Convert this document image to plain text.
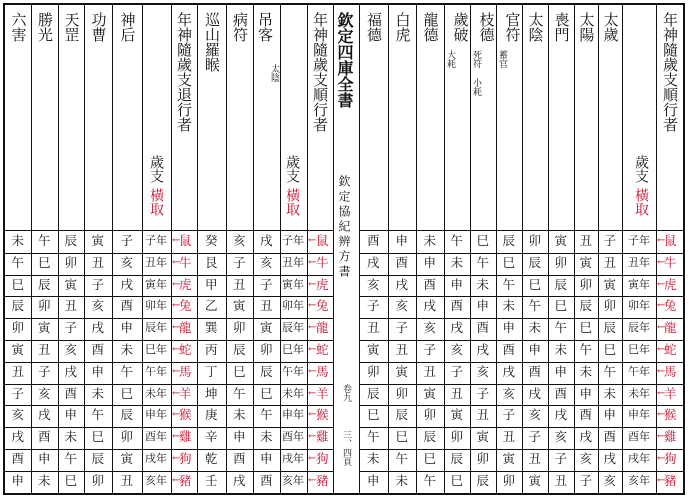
年神隨歲支順行者
歲支
橫取
太歲
太陽
喪門
太陰
官符
蓄官
枝德
死符 小耗
歲破
大耗
龍德
白虎
福德
子年 鼠
←
子
丑
寅
卯
辰
巳
午
未
申
酉
丑年 牛
←
丑
寅
卯
辰
巳
午
未
申
酉
戌
寅年 虎
←
寅
卯
辰
巳
午
未
申
酉
戌
亥
卯年 兔
←
卯
辰
巳
午
未
申
酉
戌
亥
子
辰年 龍
←
辰
巳
午
未
申
酉
戌
亥
子
丑
巳年 蛇
←
巳
午
未
申
酉
戌
亥
子
丑
寅
午年 馬
←
午
未
申
酉
戌
亥
子
丑
寅
卯
未年 羊
←
未
申
酉
戌
亥
子
丑
寅
卯
辰
申年 猴
←
申
酉
戌
亥
子
丑
寅
卯
辰
巳
酉年 雞
←
酉
戌
亥
子
丑
寅
卯
辰
巳
午
戌年 狗
←
戌
亥
子
丑
寅
卯
辰
巳
午
未
亥年 豬
←
亥
子
丑
寅
卯
辰
巳
午
未
申
欽定四庫全書
欽定協紀辨方書
卷九
三、四頁
年神隨歲支順行者
歲支
橫取
吊客
太陰
病符
巡山羅睺
年神隨歲支退行者
歲支
橫取
神后
功曹
天罡
勝光
六害
鼠
←
子年
戌
亥
癸
鼠
←
子年
子
寅
辰
午
未
牛
←
丑年
亥
子
艮
牛
←
丑年
亥
丑
卯
巳
午
虎
←
寅年
子
丑
甲
虎
←
寅年
戌
子
寅
辰
巳
兔
←
卯年
丑
寅
乙
兔
←
卯年
酉
亥
丑
卯
辰
龍
←
辰年
寅
卯
巽
龍
←
辰年
申
戌
子
寅
卯
蛇
←
巳年
卯
辰
丙
蛇
←
巳年
未
酉
亥
丑
寅
馬
←
午年
辰
巳
丁
馬
←
午年
午
申
戌
子
丑
羊
←
未年
巳
午
坤
羊
←
未年
巳
未
酉
亥
子
猴
←
申年
午
未
庚
猴
←
申年
辰
午
申
戌
亥
雞
←
酉年
未
申
辛
雞
←
酉年
卯
巳
未
酉
戌
狗
←
戌年
申
酉
乾
狗
←
戌年
寅
辰
午
申
酉
豬
←
亥年
酉
戌
壬
豬
←
亥年
丑
卯
巳
未
申
